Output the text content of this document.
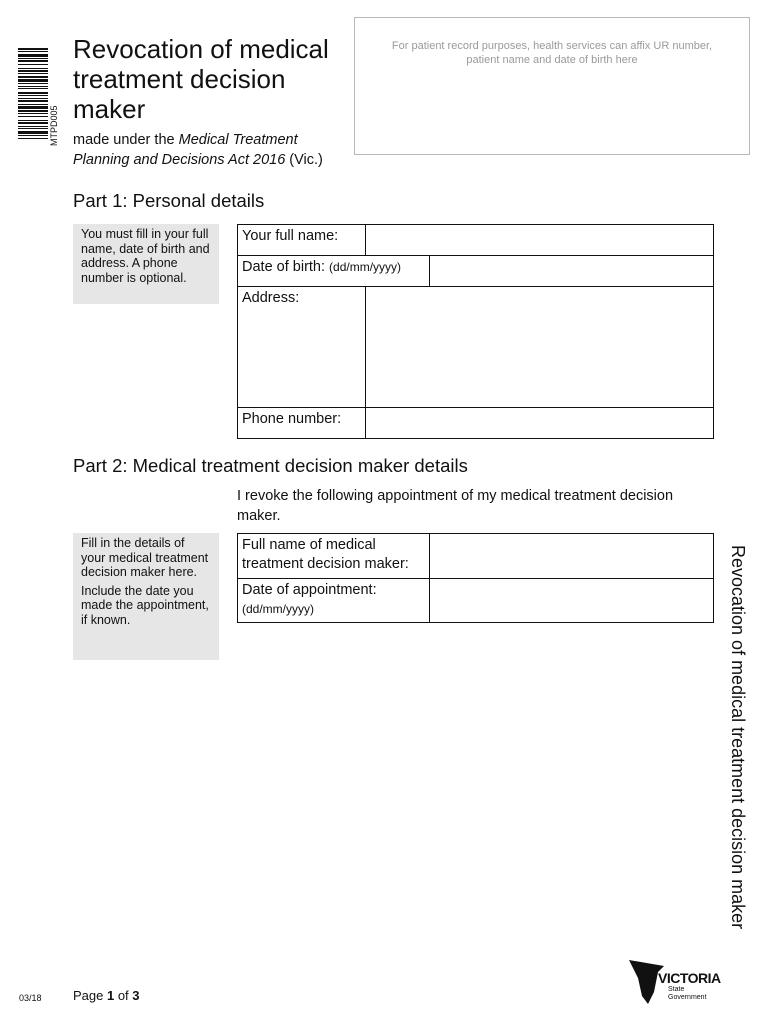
MTPD005
Revocation of medical treatment decision maker
made under the Medical Treatment Planning and Decisions Act 2016 (Vic.)
For patient record purposes, health services can affix UR number, patient name and date of birth here
Part 1: Personal details

You must fill in your full name, date of birth and address. A phone number is optional.

Your full name:		
Date of birth: (dd/mm/yyyy)		
Address:		
Phone number:		
Part 2: Medical treatment decision maker details
I revoke the following appointment of my medical treatment decision maker.

Fill in the details of your medical treatment decision maker here.

Include the date you made the appointment, if known.

Full name of medical treatment decision maker:	

Date of appointment:
(dd/mm/yyyy)	
		Revocation of medical treatment decision maker
03/18 Page 1 of 3
VICTORIA
State
Government
